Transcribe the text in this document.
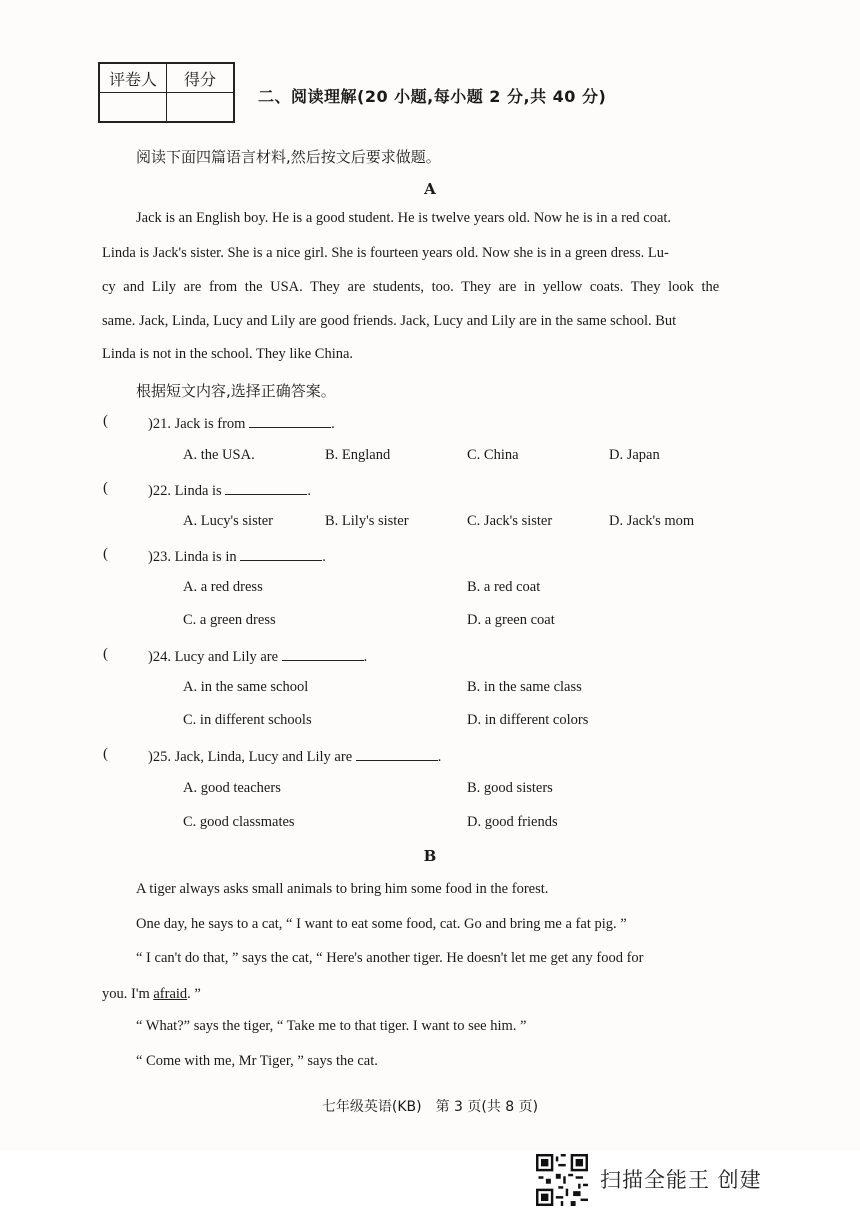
评卷人	得分

二、阅读理解(20 小题,每小题 2 分,共 40 分)
阅读下面四篇语言材料,然后按文后要求做题。
A
Jack is an English boy. He is a good student. He is twelve years old. Now he is in a red coat.
Linda is Jack's sister. She is a nice girl. She is fourteen years old. Now she is in a green dress. Lu-
cy and Lily are from the USA. They are students, too. They are in yellow coats. They look the
same. Jack, Linda, Lucy and Lily are good friends. Jack, Lucy and Lily are in the same school. But
Linda is not in the school. They like China.
根据短文内容,选择正确答案。
(	)21. Jack is from	.
A. the USA.	B. England	C. China	D. Japan
(	)22. Linda is	.
A. Lucy's sister	B. Lily's sister	C. Jack's sister	D. Jack's mom
(	)23. Linda is in	.
A. a red dress	B. a red coat
C. a green dress	D. a green coat
(	)24. Lucy and Lily are	.
A. in the same school	B. in the same class
C. in different schools	D. in different colors
(	)25. Jack, Linda, Lucy and Lily are	.
A. good teachers	B. good sisters
C. good classmates	D. good friends
B
A tiger always asks small animals to bring him some food in the forest.
One day, he says to a cat, “ I want to eat some food, cat. Go and bring me a fat pig. ”
“ I can't do that, ” says the cat, “ Here's another tiger. He doesn't let me get any food for
you. I'm afraid. ”
“ What?” says the tiger, “ Take me to that tiger. I want to see him. ”
“ Come with me, Mr Tiger, ” says the cat.
七年级英语(KB)　第 3 页(共 8 页)
扫描全能王 创建
